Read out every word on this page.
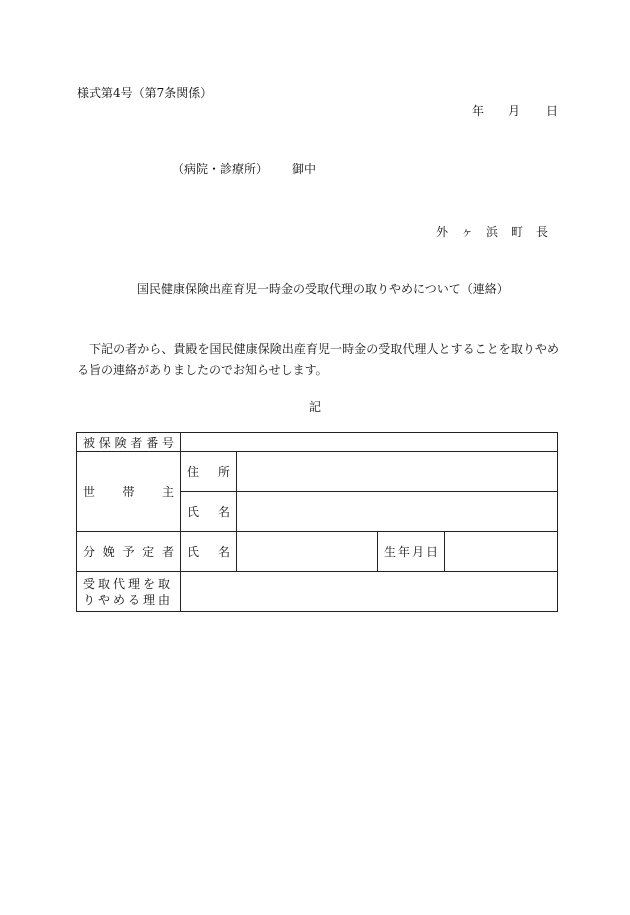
様式第4号（第7条関係）
年 月 日
（病院・診療所） 御中
外 ヶ 浜 町 長
国民健康保険出産育児一時金の受取代理の取りやめについて（連絡）
下記の者から、貴殿を国民健康保険出産育児一時金の受取代理人とすることを取りやめる旨の連絡がありましたのでお知らせします。
記
被保険者番号				
世 帯 主	住所			
	氏名			
分娩予定者	氏名		生年月日	
受取代理を取りやめる理由				
